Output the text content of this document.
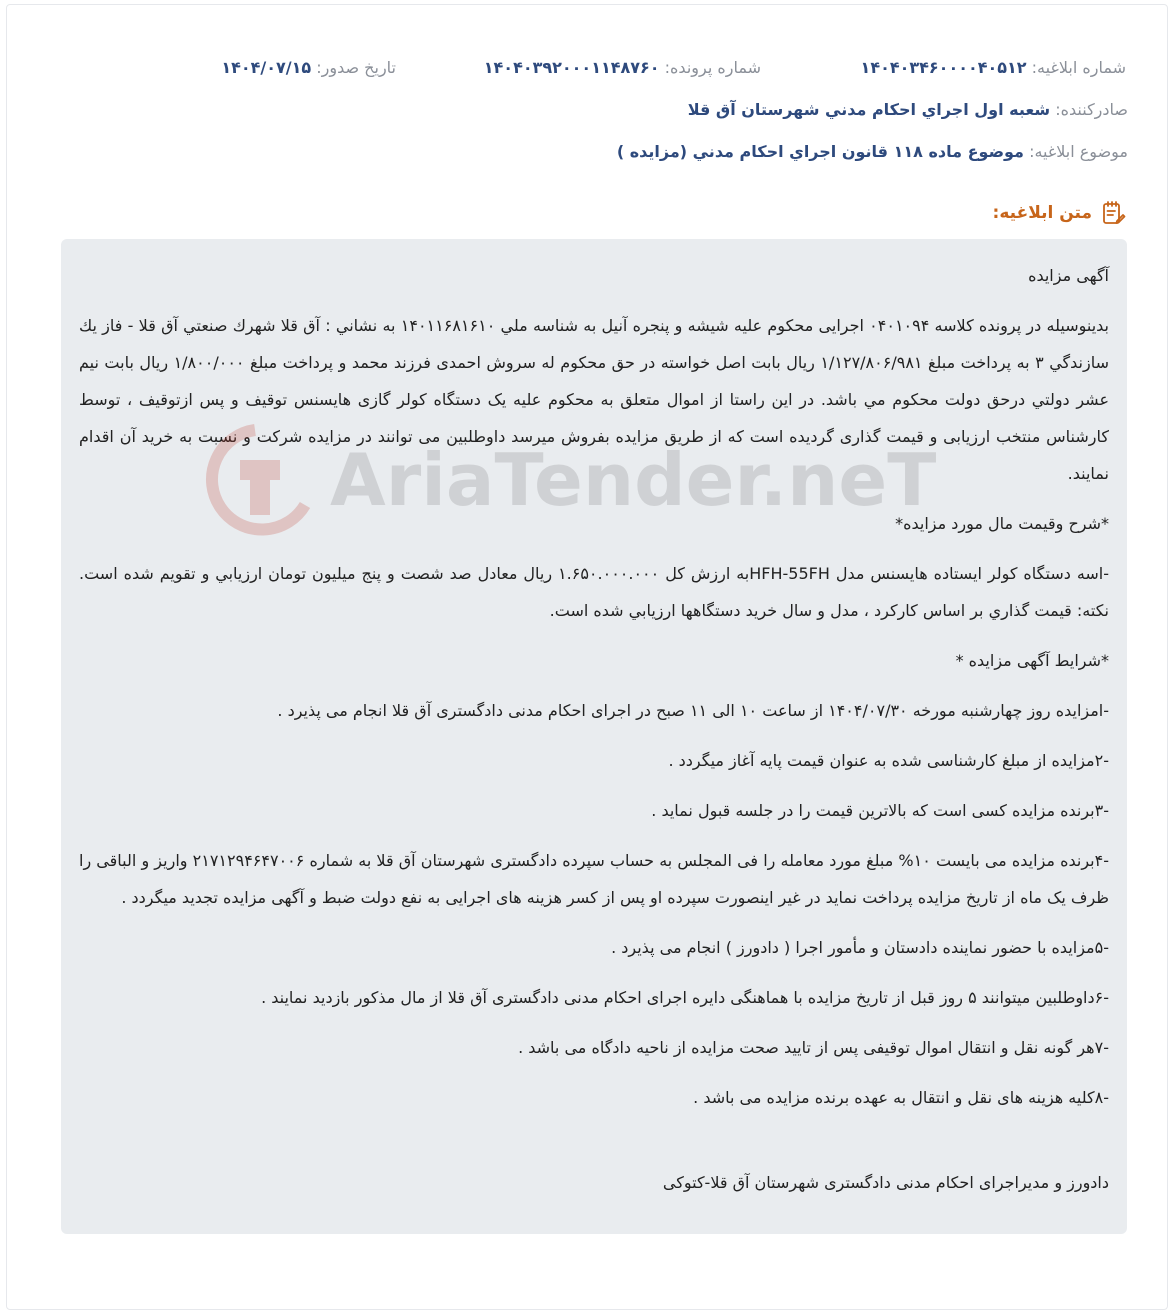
شماره ابلاغیه: ۱۴۰۴۰۳۴۶۰۰۰۰۴۰۵۱۲
شماره پرونده: ۱۴۰۴۰۳۹۲۰۰۰۱۱۴۸۷۶۰
تاریخ صدور: ۱۴۰۴/۰۷/۱۵
صادرکننده: شعبه اول اجراي احكام مدني شهرستان آق قلا
موضوع ابلاغیه: موضوع ماده ۱۱۸ قانون اجراي احكام مدني (مزايده )
متن ابلاغیه:

آگهی مزایده

بدینوسیله در پرونده کلاسه ۰۴۰۱۰۹۴ اجرایی محکوم علیه شيشه و پنجره آنيل به شناسه ملي ۱۴۰۱۱۶۸۱۶۱۰ به نشاني : آق قلا شهرك صنعتي آق قلا - فاز يك سازندگي ۳ به پرداخت مبلغ ۱/۱۲۷/۸۰۶/۹۸۱ ريال بابت اصل خواسته در حق محکوم له سروش احمدی فرزند محمد و پرداخت مبلغ ۱/۸۰۰/۰۰۰ ريال بابت نيم عشر دولتي درحق دولت محکوم مي باشد. در این راستا از اموال متعلق به محکوم علیه یک دستگاه کولر گازی هایسنس توقیف و پس ازتوقیف ، توسط کارشناس منتخب ارزیابی و قیمت گذاری گردیده است که از طریق مزایده بفروش میرسد داوطلبین می توانند در مزایده شرکت و نسبت به خرید آن اقدام نمایند.

*شرح وقيمت مال مورد مزايده*

-اسه دستگاه كولر ايستاده هايسنس مدل HFH-55FHبه ارزش كل ۱.۶۵۰.۰۰۰.۰۰۰ ريال معادل صد شصت و پنج ميليون تومان ارزيابي و تقويم شده است. نكته: قيمت گذاري بر اساس كاركرد ، مدل و سال خريد دستگاهها ارزيابي شده است.

*شرایط آگهی مزایده *

-امزایده روز چهارشنبه مورخه ۱۴۰۴/۰۷/۳۰ از ساعت ۱۰ الی ۱۱ صبح در اجرای احکام مدنی دادگستری آق قلا انجام می پذیرد .

-۲مزایده از مبلغ کارشناسی شده به عنوان قیمت پایه آغاز میگردد .

-۳برنده مزایده کسی است که بالاترین قیمت را در جلسه قبول نماید .

-۴برنده مزایده می بایست ۱۰% مبلغ مورد معامله را فی المجلس به حساب سپرده دادگستری شهرستان آق قلا به شماره ۲۱۷۱۲۹۴۶۴۷۰۰۶ واریز و الباقی را ظرف یک ماه از تاریخ مزایده پرداخت نماید در غیر اینصورت سپرده او پس از کسر هزینه های اجرایی به نفع دولت ضبط و آگهی مزایده تجدید میگردد .

-۵مزایده با حضور نماینده دادستان و مأمور اجرا ( دادورز ) انجام می پذیرد .

-۶داوطلبین میتوانند ۵ روز قبل از تاریخ مزایده با هماهنگی دایره اجرای احکام مدنی دادگستری آق قلا از مال مذکور بازدید نمایند .

-۷هر گونه نقل و انتقال اموال توقیفی پس از تایید صحت مزایده از ناحیه دادگاه می باشد .

-۸کلیه هزینه های نقل و انتقال به عهده برنده مزایده می باشد .

دادورز و مديراجرای احكام مدنی دادگستری شهرستان آق قلا-کتوکی

AriaTender.neT
